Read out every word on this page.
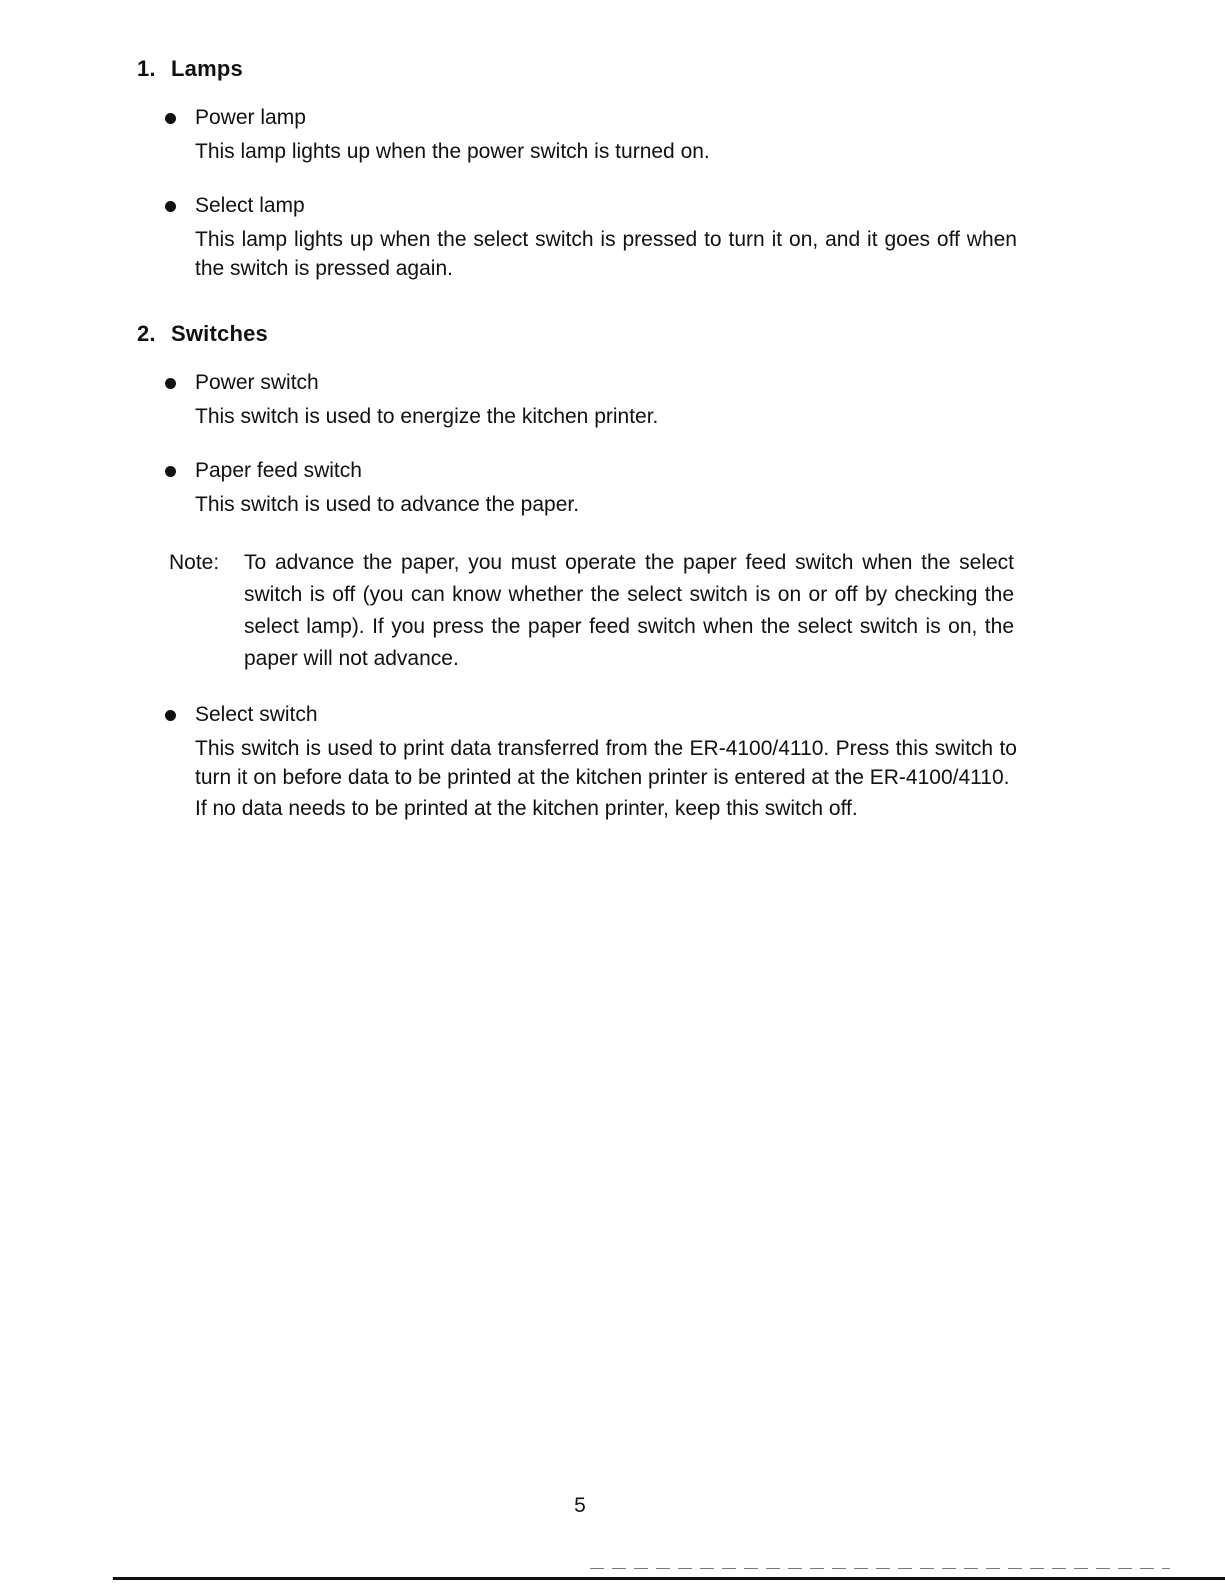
1. Lamps
Power lamp

This lamp lights up when the power switch is turned on.

Select lamp

This lamp lights up when the select switch is pressed to turn it on, and it goes off when the switch is pressed again.

2. Switches
Power switch

This switch is used to energize the kitchen printer.

Paper feed switch

This switch is used to advance the paper.

Note:	To advance the paper, you must operate the paper feed switch when the select switch is off (you can know whether the select switch is on or off by checking the select lamp). If you press the paper feed switch when the select switch is on, the paper will not advance.

Select switch

This switch is used to print data transferred from the ER-4100/4110. Press this switch to turn it on before data to be printed at the kitchen printer is entered at the ER-4100/4110.

If no data needs to be printed at the kitchen printer, keep this switch off.

5
